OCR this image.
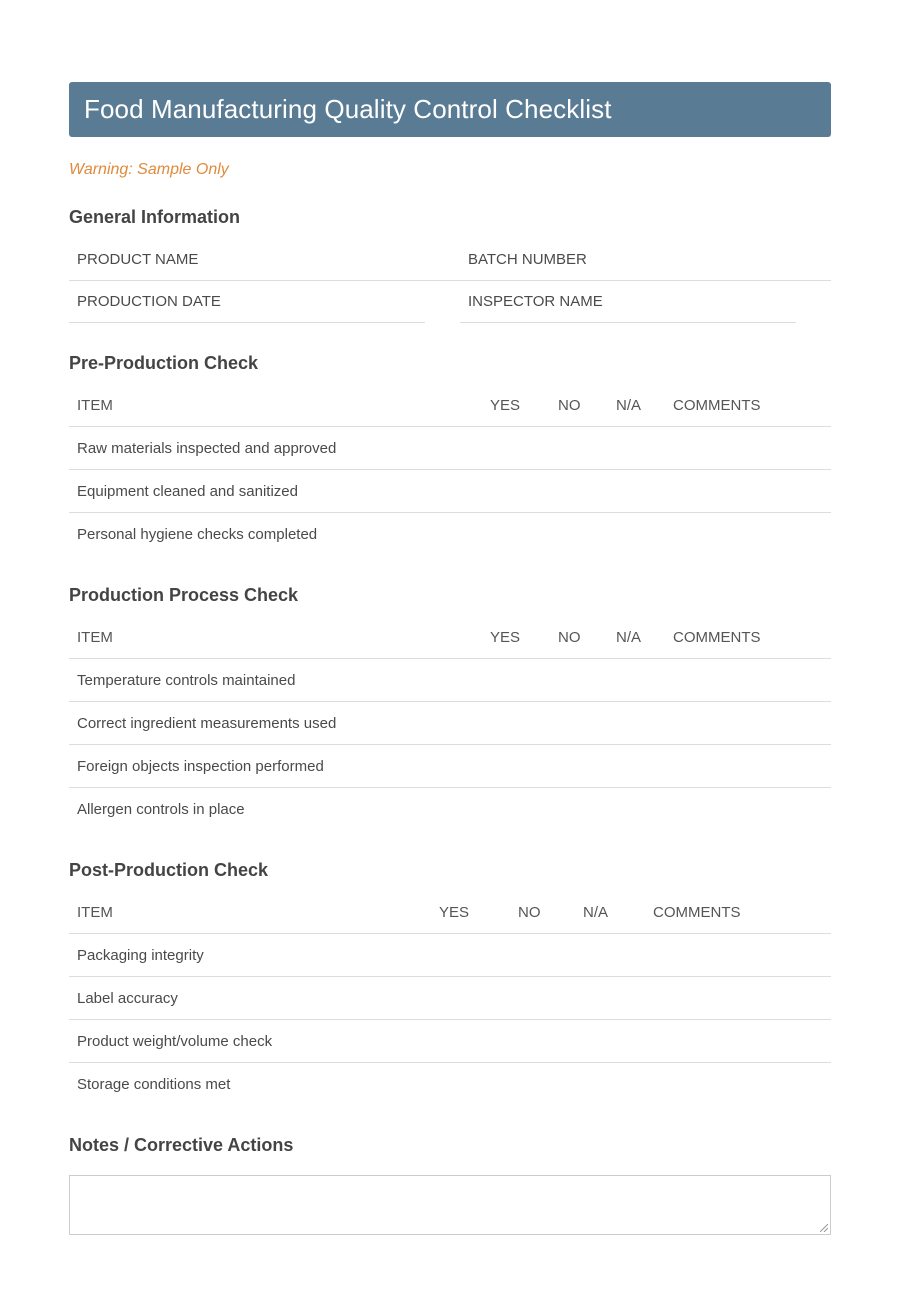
Food Manufacturing Quality Control Checklist
Warning: Sample Only
General Information
PRODUCT NAME	BATCH NUMBER
PRODUCTION DATE	INSPECTOR NAME
Pre-Production Check
ITEM	YES	NO	N/A	COMMENTS
Raw materials inspected and approved				
Equipment cleaned and sanitized				
Personal hygiene checks completed				
Production Process Check
ITEM	YES	NO	N/A	COMMENTS
Temperature controls maintained				
Correct ingredient measurements used				
Foreign objects inspection performed				
Allergen controls in place				
Post-Production Check
ITEM	YES	NO	N/A	COMMENTS
Packaging integrity				
Label accuracy				
Product weight/volume check				
Storage conditions met				
Notes / Corrective Actions
